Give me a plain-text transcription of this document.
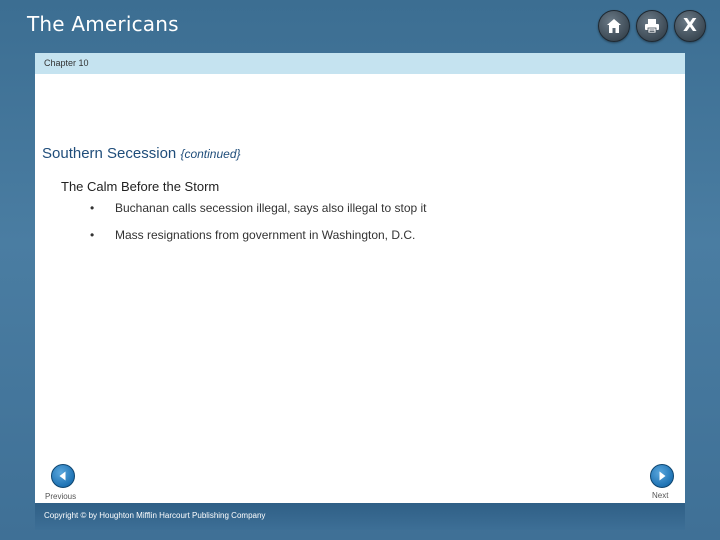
The Americans	X
Chapter 10
Southern Secession {continued}
The Calm Before the Storm
• Buchanan calls secession illegal, says also illegal to stop it
• Mass resignations from government in Washington, D.C.
Previous	Next
Copyright © by Houghton Mifflin Harcourt Publishing Company
